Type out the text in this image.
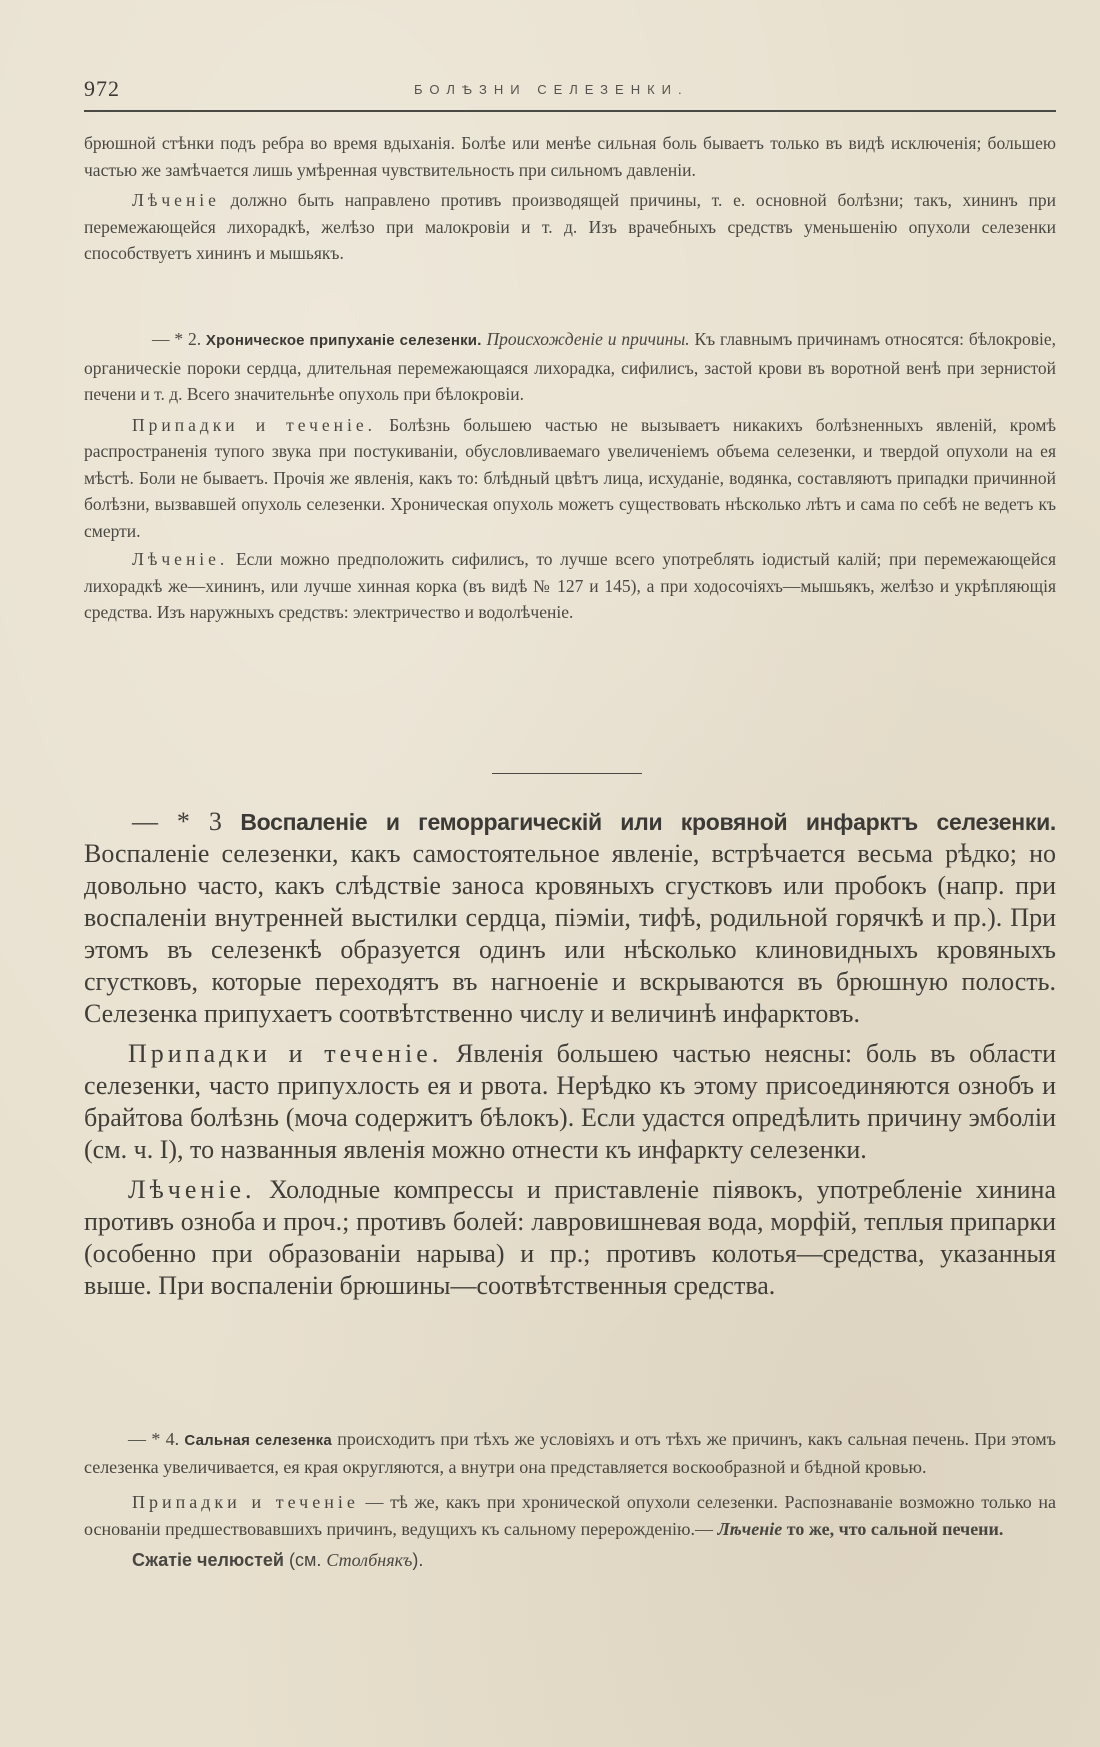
972	БОЛѢЗНИ СЕЛЕЗЕНКИ.

брюшной стѣнки подъ ребра во время вдыханія. Болѣе или менѣе сильная боль бываетъ только въ видѣ исключенія; большею частью же замѣчается лишь умѣренная чувствительность при сильномъ давленіи.

Лѣченіе должно быть направлено противъ производящей причины, т. е. основной болѣзни; такъ, хининъ при перемежающейся лихорадкѣ, желѣзо при малокровіи и т. д. Изъ врачебныхъ средствъ уменьшенію опухоли селезенки способствуетъ хининъ и мышьякъ.

— * 2. Хроническое припуханіе селезенки. Происхожденіе и причины. Къ главнымъ причинамъ относятся: бѣлокровіе, органическіе пороки сердца, длительная перемежающаяся лихорадка, сифилисъ, застой крови въ воротной венѣ при зернистой печени и т. д. Всего значительнѣе опухоль при бѣлокровіи.

Припадки и теченіе. Болѣзнь большею частью не вызываетъ никакихъ болѣзненныхъ явленій, кромѣ распространенія тупого звука при постукиваніи, обусловливаемаго увеличеніемъ объема селезенки, и твердой опухоли на ея мѣстѣ. Боли не бываетъ. Прочія же явленія, какъ то: блѣдный цвѣтъ лица, исхуданіе, водянка, составляютъ припадки причинной болѣзни, вызвавшей опухоль селезенки. Хроническая опухоль можетъ существовать нѣсколько лѣтъ и сама по себѣ не ведетъ къ смерти.

Лѣченіе. Если можно предположить сифилисъ, то лучше всего употреблять іодистый калій; при перемежающейся лихорадкѣ же—хининъ, или лучше хинная корка (въ видѣ № 127 и 145), а при ходосочіяхъ—мышьякъ, желѣзо и укрѣпляющія средства. Изъ наружныхъ средствъ: электричество и водолѣченіе.

— * 3 Воспаленіе и геморрагическій или кровяной инфарктъ селезенки. Воспаленіе селезенки, какъ самостоятельное явленіе, встрѣчается весьма рѣдко; но довольно часто, какъ слѣдствіе заноса кровяныхъ сгустковъ или пробокъ (напр. при воспаленіи внутренней выстилки сердца, піэміи, тифѣ, родильной горячкѣ и пр.). При этомъ въ селезенкѣ образуется одинъ или нѣсколько клиновидныхъ кровяныхъ сгустковъ, которые переходятъ въ нагноеніе и вскрываются въ брюшную полость. Селезенка припухаетъ соотвѣтственно числу и величинѣ инфарктовъ.

Припадки и теченіе. Явленія большею частью неясны: боль въ области селезенки, часто припухлость ея и рвота. Нерѣдко къ этому присоединяются ознобъ и брайтова болѣзнь (моча содержитъ бѣлокъ). Если удастся опредѣлить причину эмболіи (см. ч. I), то названныя явленія можно отнести къ инфаркту селезенки.

Лѣченіе. Холодные компрессы и приставленіе піявокъ, употребленіе хинина противъ озноба и проч.; противъ болей: лавровишневая вода, морфій, теплыя припарки (особенно при образованіи нарыва) и пр.; противъ колотья—средства, указанныя выше. При воспаленіи брюшины—соотвѣтственныя средства.

— * 4. Сальная селезенка происходитъ при тѣхъ же условіяхъ и отъ тѣхъ же причинъ, какъ сальная печень. При этомъ селезенка увеличивается, ея края округляются, а внутри она представляется воскообразной и бѣдной кровью.

Припадки и теченіе — тѣ же, какъ при хронической опухоли селезенки. Распознаваніе возможно только на основаніи предшествовавшихъ причинъ, ведущихъ къ сальному перерожденію.— Лѣченіе то же, что сальной печени.

Сжатіе челюстей (см. Столбнякъ).
